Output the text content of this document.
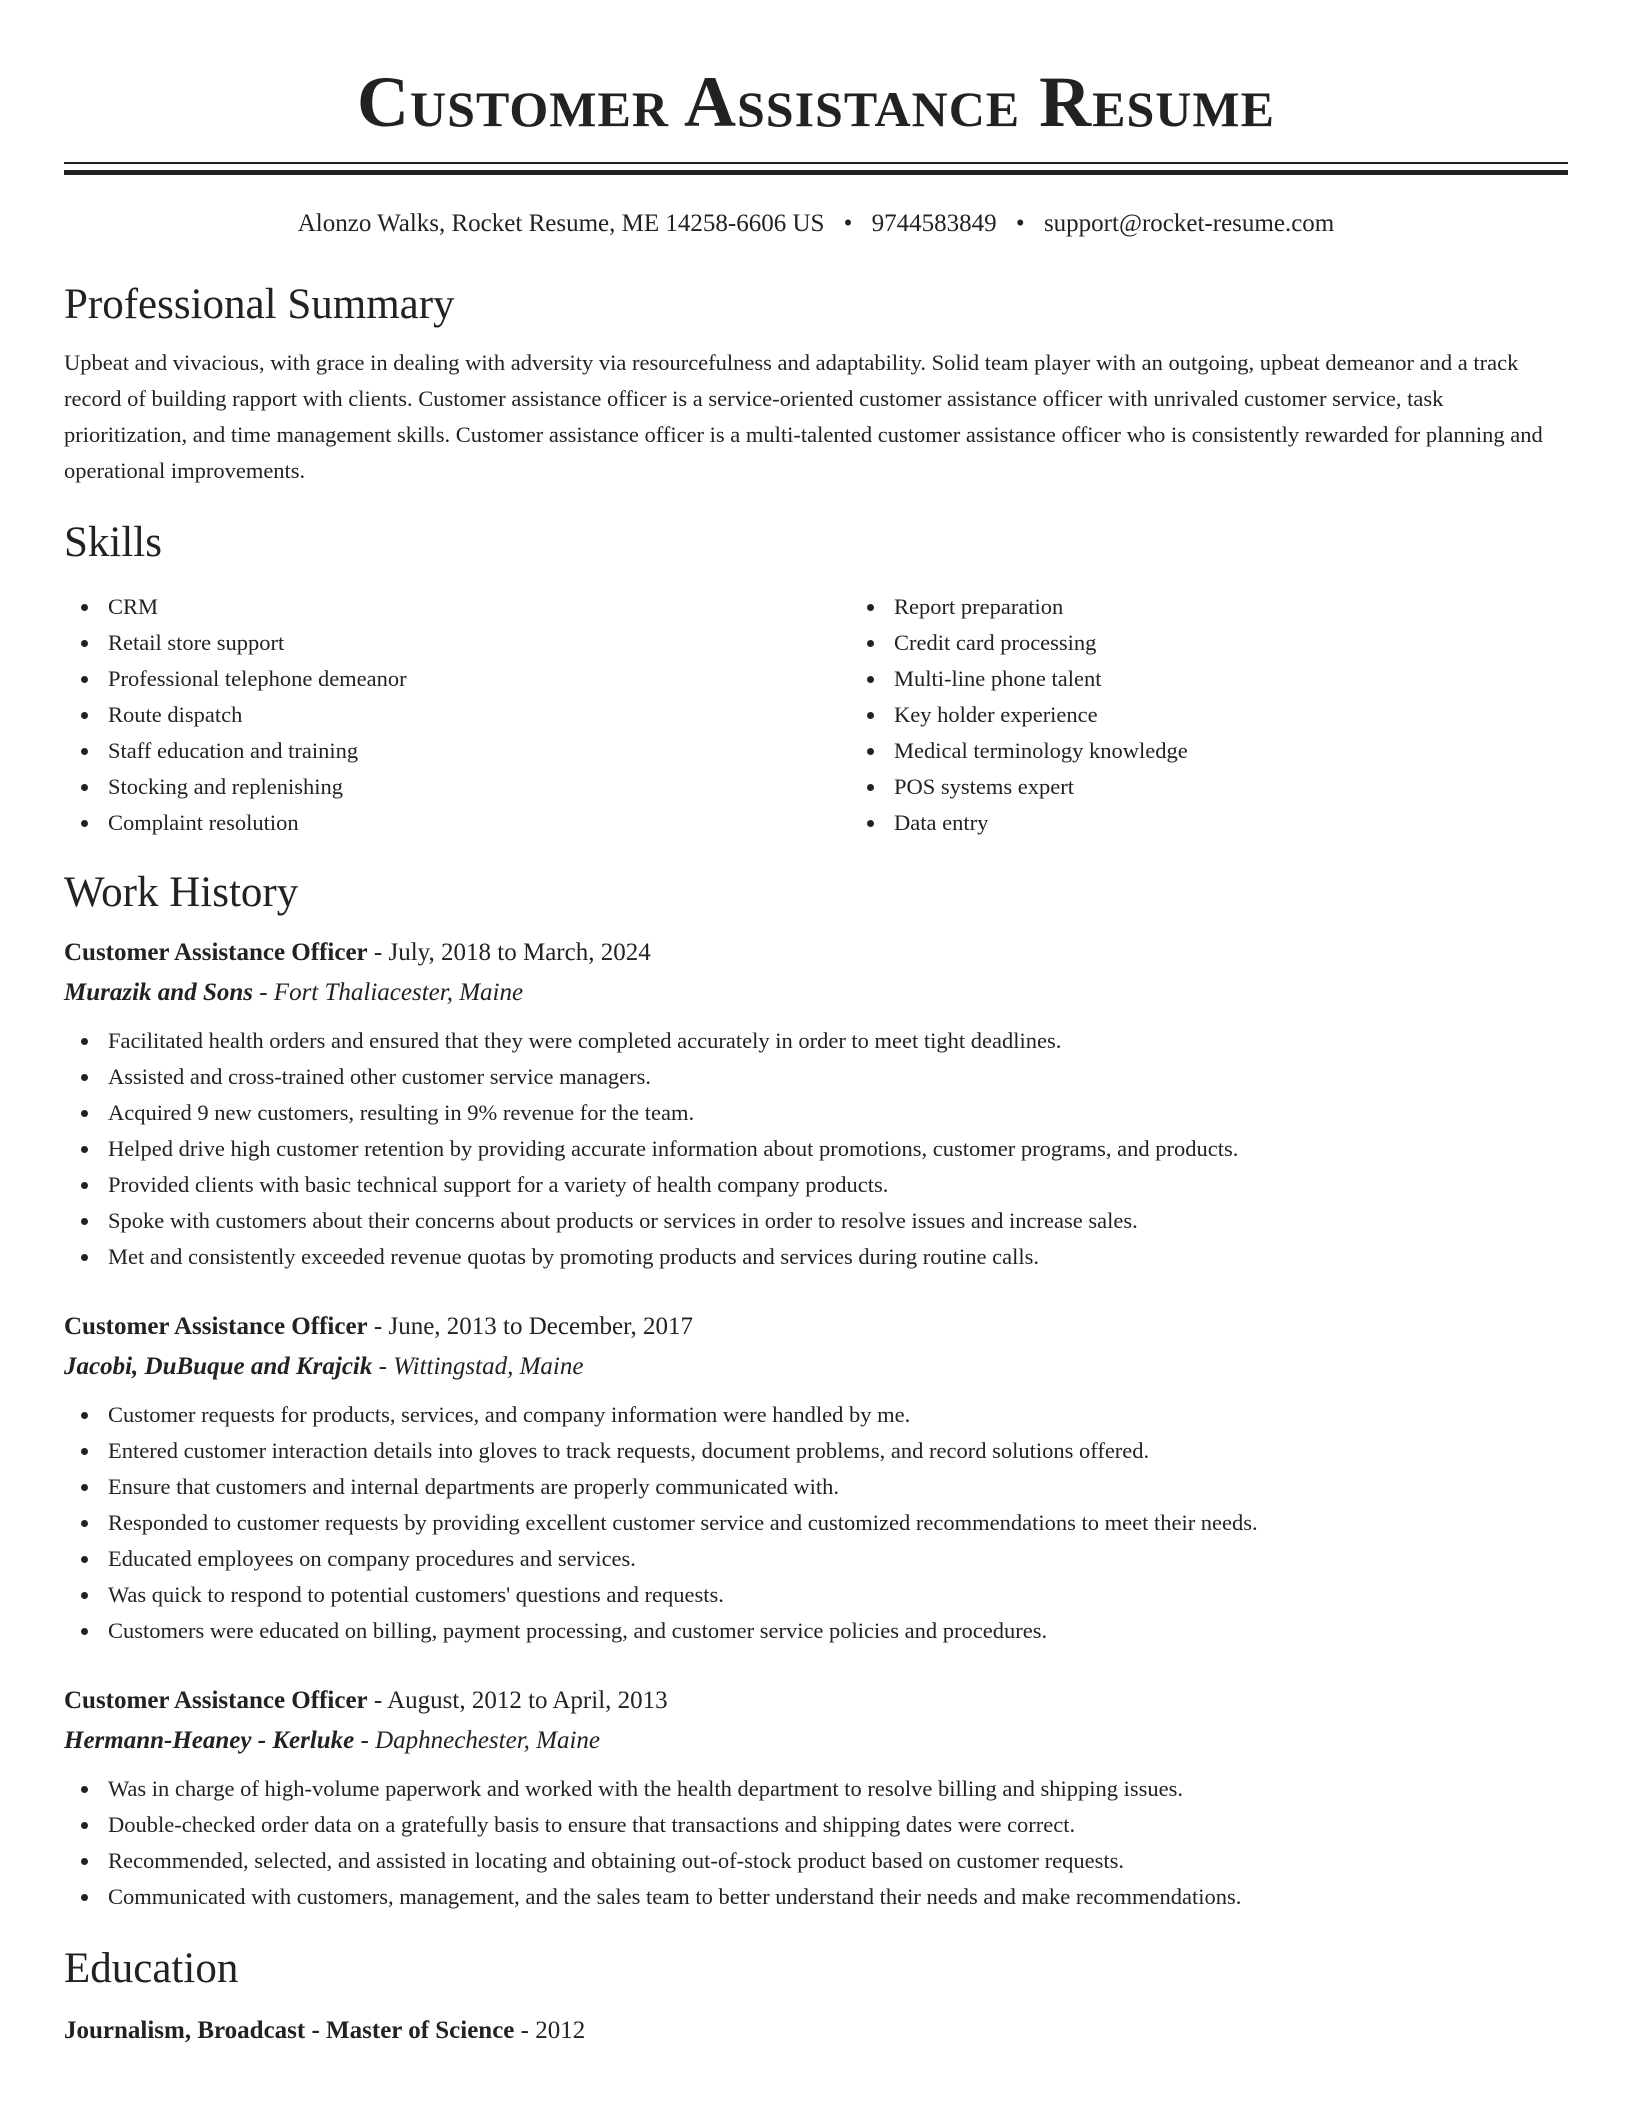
Customer Assistance Resume
Alonzo Walks, Rocket Resume, ME 14258-6606 US • 9744583849 • support@rocket-resume.com
Professional Summary

Upbeat and vivacious, with grace in dealing with adversity via resourcefulness and adaptability. Solid team player with an outgoing, upbeat demeanor and a track record of building rapport with clients. Customer assistance officer is a service-oriented customer assistance officer with unrivaled customer service, task prioritization, and time management skills. Customer assistance officer is a multi-talented customer assistance officer who is consistently rewarded for planning and operational improvements.

Skills
CRM
Retail store support
Professional telephone demeanor
Route dispatch
Staff education and training
Stocking and replenishing
Complaint resolution
Report preparation
Credit card processing
Multi-line phone talent
Key holder experience
Medical terminology knowledge
POS systems expert
Data entry
Work History
Customer Assistance Officer - July, 2018 to March, 2024
Murazik and Sons - Fort Thaliacester, Maine
Facilitated health orders and ensured that they were completed accurately in order to meet tight deadlines.
Assisted and cross-trained other customer service managers.
Acquired 9 new customers, resulting in 9% revenue for the team.
Helped drive high customer retention by providing accurate information about promotions, customer programs, and products.
Provided clients with basic technical support for a variety of health company products.
Spoke with customers about their concerns about products or services in order to resolve issues and increase sales.
Met and consistently exceeded revenue quotas by promoting products and services during routine calls.
Customer Assistance Officer - June, 2013 to December, 2017
Jacobi, DuBuque and Krajcik - Wittingstad, Maine
Customer requests for products, services, and company information were handled by me.
Entered customer interaction details into gloves to track requests, document problems, and record solutions offered.
Ensure that customers and internal departments are properly communicated with.
Responded to customer requests by providing excellent customer service and customized recommendations to meet their needs.
Educated employees on company procedures and services.
Was quick to respond to potential customers' questions and requests.
Customers were educated on billing, payment processing, and customer service policies and procedures.
Customer Assistance Officer - August, 2012 to April, 2013
Hermann-Heaney - Kerluke - Daphnechester, Maine
Was in charge of high-volume paperwork and worked with the health department to resolve billing and shipping issues.
Double-checked order data on a gratefully basis to ensure that transactions and shipping dates were correct.
Recommended, selected, and assisted in locating and obtaining out-of-stock product based on customer requests.
Communicated with customers, management, and the sales team to better understand their needs and make recommendations.
Education
Journalism, Broadcast - Master of Science - 2012
